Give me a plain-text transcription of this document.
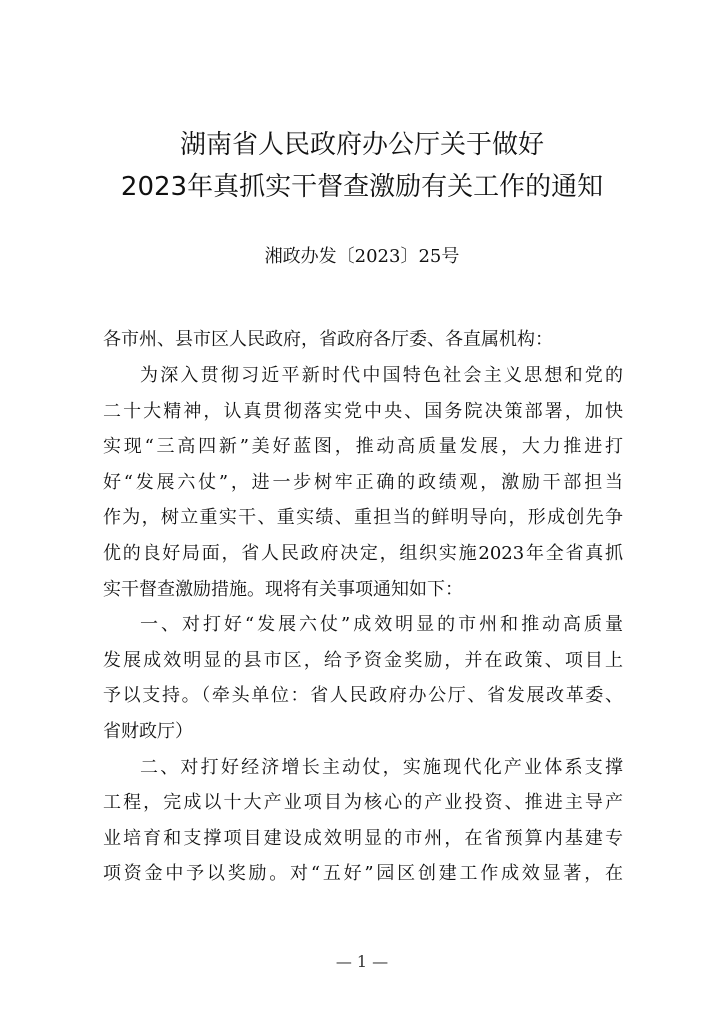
湖南省人民政府办公厅关于做好
2023年真抓实干督查激励有关工作的通知
湘政办发〔2023〕25号
各市州、县市区人民政府，省政府各厅委、各直属机构：
为深入贯彻习近平新时代中国特色社会主义思想和党的
二十大精神，认真贯彻落实党中央、国务院决策部署，加快
实现“三高四新”美好蓝图，推动高质量发展，大力推进打
好“发展六仗”，进一步树牢正确的政绩观，激励干部担当
作为，树立重实干、重实绩、重担当的鲜明导向，形成创先争
优的良好局面，省人民政府决定，组织实施2023年全省真抓
实干督查激励措施。现将有关事项通知如下：
一、对打好“发展六仗”成效明显的市州和推动高质量
发展成效明显的县市区，给予资金奖励，并在政策、项目上
予以支持。（牵头单位：省人民政府办公厅、省发展改革委、
省财政厅）
二、对打好经济增长主动仗，实施现代化产业体系支撑
工程，完成以十大产业项目为核心的产业投资、推进主导产
业培育和支撑项目建设成效明显的市州，在省预算内基建专
项资金中予以奖励。对“五好”园区创建工作成效显著，在
— 1 —
